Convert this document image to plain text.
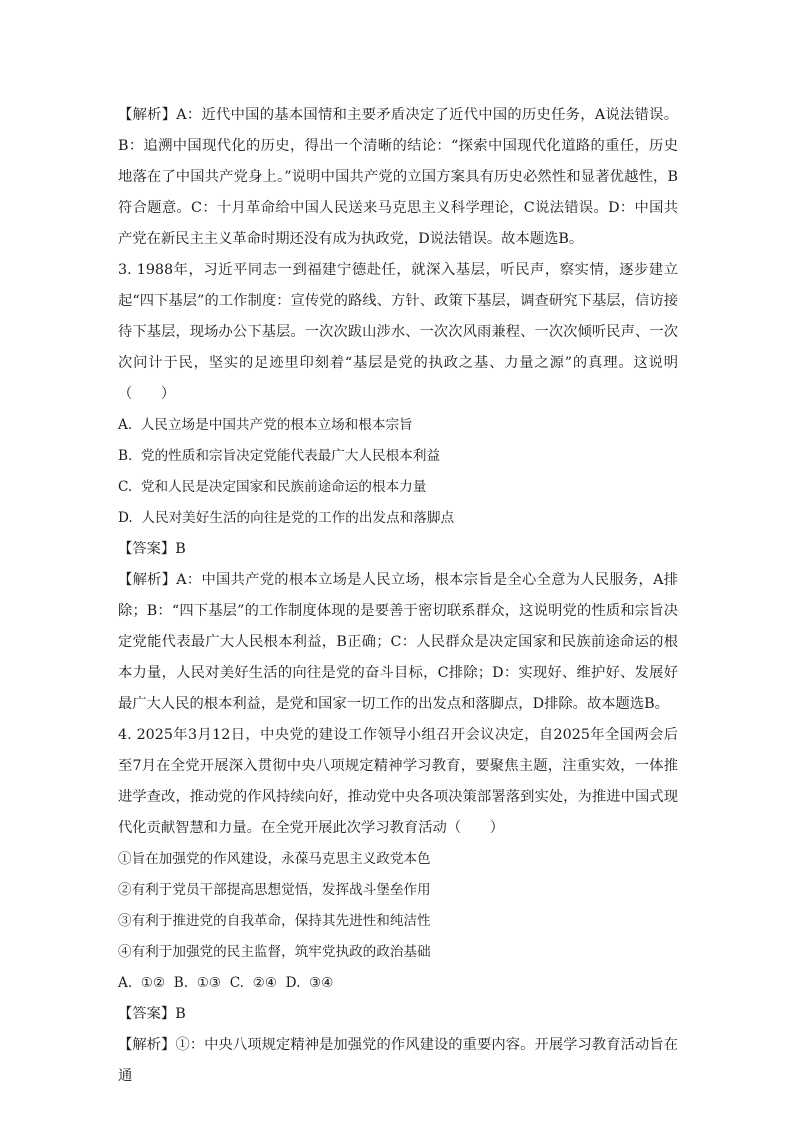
【解析】A：近代中国的基本国情和主要矛盾决定了近代中国的历史任务，A说法错误。B：追溯中国现代化的历史，得出一个清晰的结论：“探索中国现代化道路的重任，历史地落在了中国共产党身上。”说明中国共产党的立国方案具有历史必然性和显著优越性，B符合题意。C：十月革命给中国人民送来马克思主义科学理论，C说法错误。D：中国共产党在新民主主义革命时期还没有成为执政党，D说法错误。故本题选B。

3. 1988年，习近平同志一到福建宁德赴任，就深入基层，听民声，察实情，逐步建立起“四下基层”的工作制度：宣传党的路线、方针、政策下基层，调查研究下基层，信访接待下基层，现场办公下基层。一次次跋山涉水、一次次风雨兼程、一次次倾听民声、一次次问计于民，坚实的足迹里印刻着“基层是党的执政之基、力量之源”的真理。这说明（　　）

A.  人民立场是中国共产党的根本立场和根本宗旨

B.  党的性质和宗旨决定党能代表最广大人民根本利益

C.  党和人民是决定国家和民族前途命运的根本力量

D.  人民对美好生活的向往是党的工作的出发点和落脚点

【答案】B

【解析】A：中国共产党的根本立场是人民立场，根本宗旨是全心全意为人民服务，A排除；B：“四下基层”的工作制度体现的是要善于密切联系群众，这说明党的性质和宗旨决定党能代表最广大人民根本利益，B正确；C：人民群众是决定国家和民族前途命运的根本力量，人民对美好生活的向往是党的奋斗目标，C排除；D：实现好、维护好、发展好最广大人民的根本利益，是党和国家一切工作的出发点和落脚点，D排除。故本题选B。

4. 2025年3月12日，中央党的建设工作领导小组召开会议决定，自2025年全国两会后至7月在全党开展深入贯彻中央八项规定精神学习教育，要聚焦主题，注重实效，一体推进学查改，推动党的作风持续向好，推动党中央各项决策部署落到实处，为推进中国式现代化贡献智慧和力量。在全党开展此次学习教育活动（　　）

①旨在加强党的作风建设，永葆马克思主义政党本色

②有利于党员干部提高思想觉悟，发挥战斗堡垒作用

③有利于推进党的自我革命，保持其先进性和纯洁性

④有利于加强党的民主监督，筑牢党执政的政治基础

A.  ①②  B.  ①③  C.  ②④  D.  ③④

【答案】B

【解析】①：中央八项规定精神是加强党的作风建设的重要内容。开展学习教育活动旨在通
